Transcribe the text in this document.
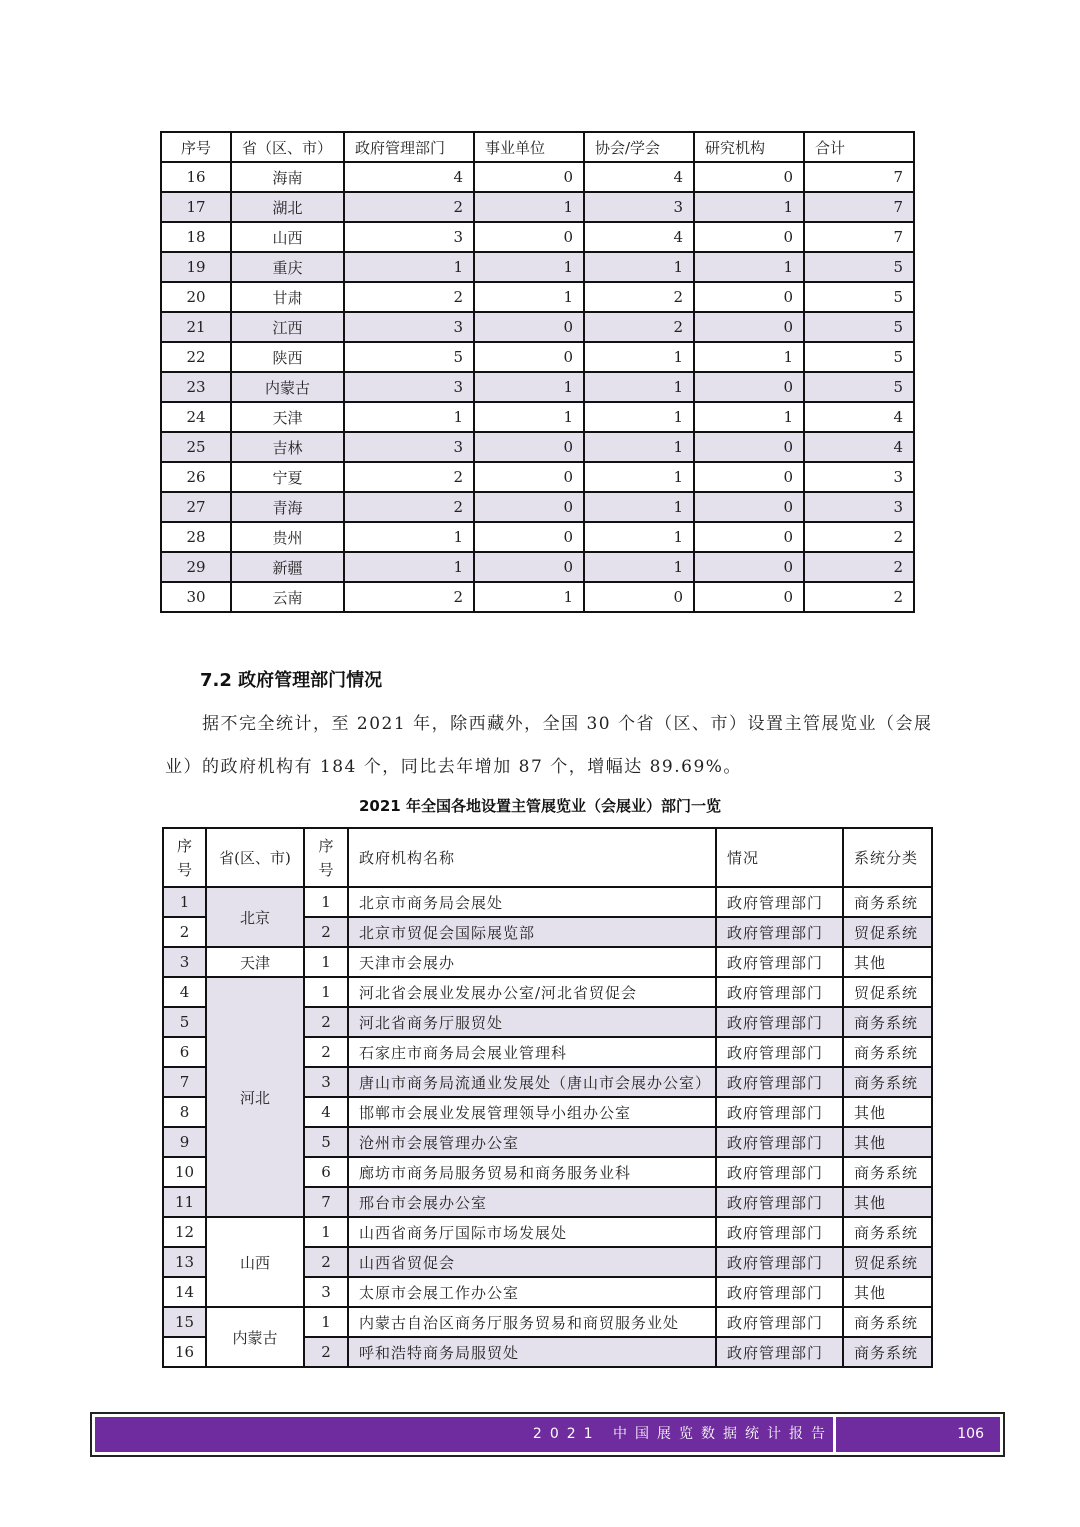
序号	省（区、市）	政府管理部门	事业单位	协会/学会	研究机构	合计
16	海南	4	0	4	0	7
17	湖北	2	1	3	1	7
18	山西	3	0	4	0	7
19	重庆	1	1	1	1	5
20	甘肃	2	1	2	0	5
21	江西	3	0	2	0	5
22	陕西	5	0	1	1	5
23	内蒙古	3	1	1	0	5
24	天津	1	1	1	1	4
25	吉林	3	0	1	0	4
26	宁夏	2	0	1	0	3
27	青海	2	0	1	0	3
28	贵州	1	0	1	0	2
29	新疆	1	0	1	0	2
30	云南	2	1	0	0	2
7.2 政府管理部门情况
据不完全统计，至 2021 年，除西藏外，全国 30 个省（区、市）设置主管展览业（会展
业）的政府机构有 184 个，同比去年增加 87 个，增幅达 89.69%。
2021 年全国各地设置主管展览业（会展业）部门一览
序号	省(区、市)	序号	政府机构名称	情况	系统分类
1	北京	1	北京市商务局会展处	政府管理部门	商务系统
2		2	北京市贸促会国际展览部	政府管理部门	贸促系统
3	天津	1	天津市会展办	政府管理部门	其他
4	河北	1	河北省会展业发展办公室/河北省贸促会	政府管理部门	贸促系统
5		2	河北省商务厅服贸处	政府管理部门	商务系统
6		2	石家庄市商务局会展业管理科	政府管理部门	商务系统
7		3	唐山市商务局流通业发展处（唐山市会展办公室）	政府管理部门	商务系统
8		4	邯郸市会展业发展管理领导小组办公室	政府管理部门	其他
9		5	沧州市会展管理办公室	政府管理部门	其他
10		6	廊坊市商务局服务贸易和商务服务业科	政府管理部门	商务系统
11		7	邢台市会展办公室	政府管理部门	其他
12	山西	1	山西省商务厅国际市场发展处	政府管理部门	商务系统
13		2	山西省贸促会	政府管理部门	贸促系统
14		3	太原市会展工作办公室	政府管理部门	其他
15	内蒙古	1	内蒙古自治区商务厅服务贸易和商贸服务业处	政府管理部门	商务系统
16		2	呼和浩特商务局服贸处	政府管理部门	商务系统
2021 中国展览数据统计报告	106
